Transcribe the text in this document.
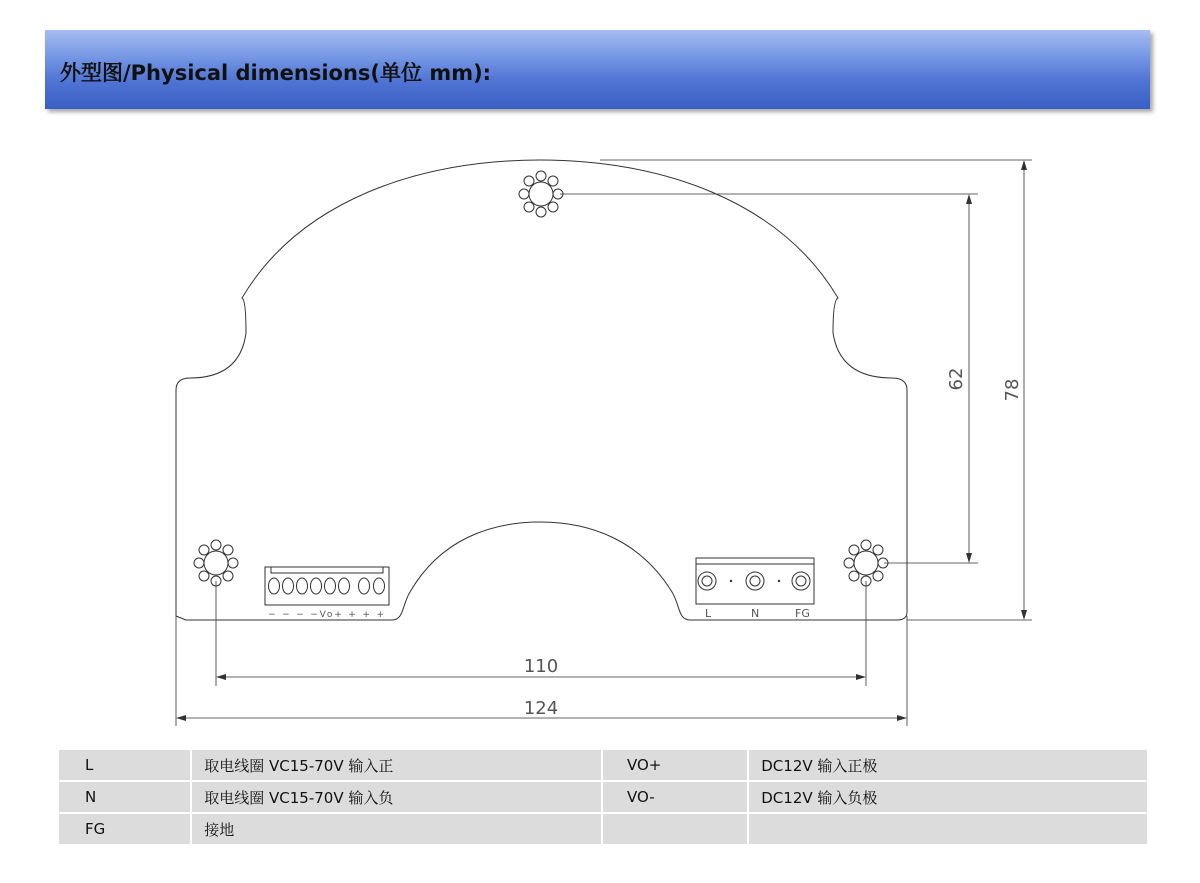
外型图/Physical dimensions(单位 mm):
− − − −Vo+ + + +	L	N	FG
62 78
110
124
L	取电线圈 VC15-70V 输入正	VO+	DC12V 输入正极
N	取电线圈 VC15-70V 输入负	VO-	DC12V 输入负极
FG	接地		
